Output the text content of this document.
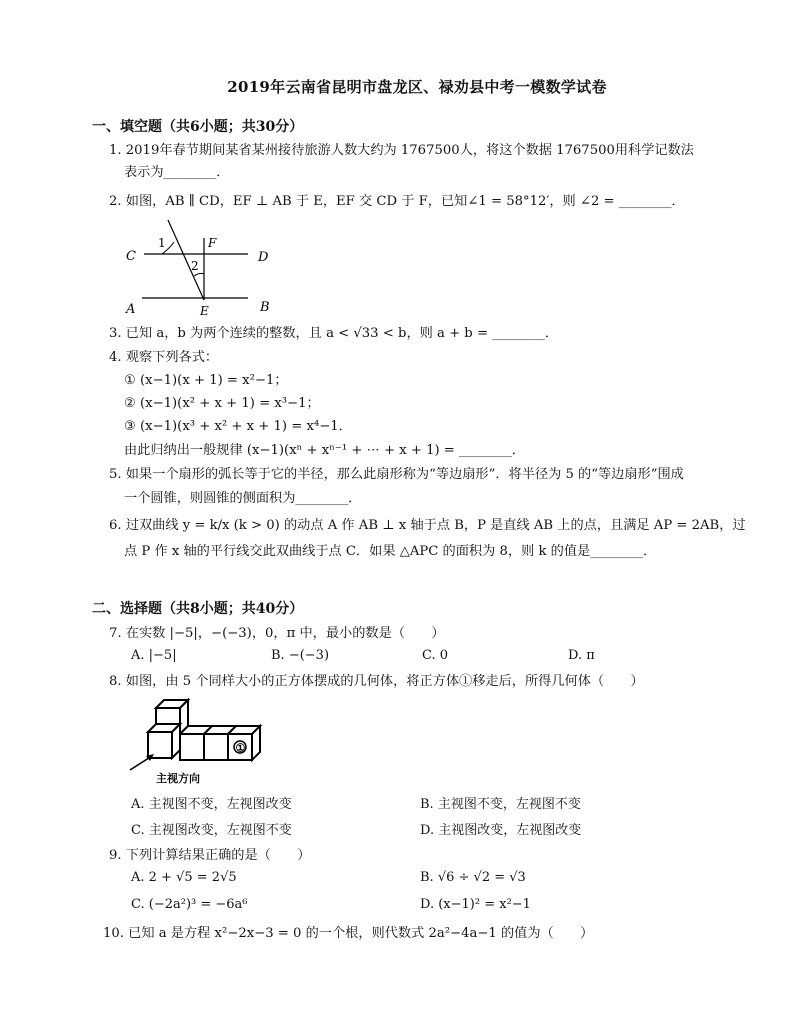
2019年云南省昆明市盘龙区、禄劝县中考一模数学试卷
一、填空题（共6小题；共30分）
1. 2019年春节期间某省某州接待旅游人数大约为 1767500人，将这个数据 1767500用科学记数法
表示为________．
2. 如图，AB ∥ CD，EF ⊥ AB 于 E，EF 交 CD 于 F，已知∠1 = 58°12′，则 ∠2 = ________．
C	D
A	B
E
F
1
2
3. 已知 a，b 为两个连续的整数，且 a < √33 < b，则 a + b = ________．
4. 观察下列各式：
① (x−1)(x + 1) = x²−1；
② (x−1)(x² + x + 1) = x³−1；
③ (x−1)(x³ + x² + x + 1) = x⁴−1．
由此归纳出一般规律 (x−1)(xⁿ + xⁿ⁻¹ + ⋯ + x + 1) = ________．
5. 如果一个扇形的弧长等于它的半径，那么此扇形称为“等边扇形”．将半径为 5 的“等边扇形”围成
一个圆锥，则圆锥的侧面积为________．
6. 过双曲线 y = k/x (k > 0) 的动点 A 作 AB ⊥ x 轴于点 B，P 是直线 AB 上的点，且满足 AP = 2AB，过
点 P 作 x 轴的平行线交此双曲线于点 C．如果 △APC 的面积为 8，则 k 的值是________．
二、选择题（共8小题；共40分）
7. 在实数 |−5|，−(−3)，0，π 中，最小的数是（　　）
A. |−5|	B. −(−3)	C. 0	D. π
8. 如图，由 5 个同样大小的正方体摆成的几何体，将正方体①移走后，所得几何体（　　）
①
主视方向
A. 主视图不变，左视图改变	B. 主视图不变，左视图不变
C. 主视图改变，左视图不变	D. 主视图改变，左视图改变
9. 下列计算结果正确的是（　　）
A. 2 + √5 = 2√5	B. √6 ÷ √2 = √3
C. (−2a²)³ = −6a⁶	D. (x−1)² = x²−1
10. 已知 a 是方程 x²−2x−3 = 0 的一个根，则代数式 2a²−4a−1 的值为（　　）
